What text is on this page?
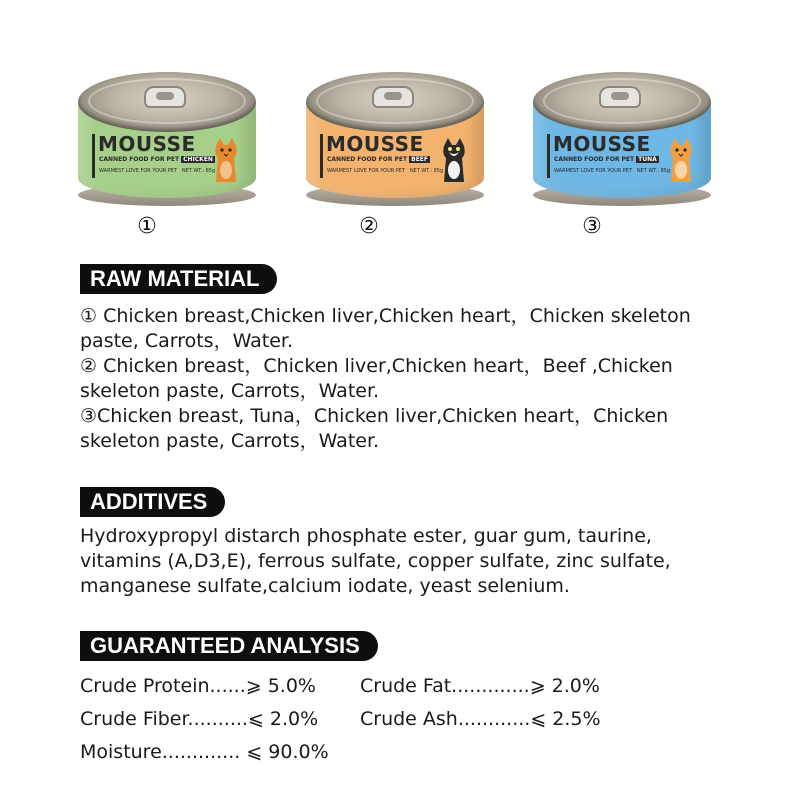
MOUSSE
CANNED FOOD FOR PET CHICKEN
WARMEST LOVE FOR YOUR PET NET WT.: 85g
①
MOUSSE
CANNED FOOD FOR PET BEEF
WARMEST LOVE FOR YOUR PET NET WT.: 85g
②
MOUSSE
CANNED FOOD FOR PET TUNA
WARMEST LOVE FOR YOUR PET NET WT.: 85g
③
RAW MATERIAL
① Chicken breast,Chicken liver,Chicken heart，Chicken skeleton
paste, Carrots，Water.
② Chicken breast，Chicken liver,Chicken heart，Beef ,Chicken
skeleton paste, Carrots，Water.
③Chicken breast, Tuna，Chicken liver,Chicken heart，Chicken
skeleton paste, Carrots，Water.
ADDITIVES
Hydroxypropyl distarch phosphate ester, guar gum, taurine,
vitamins (A,D3,E), ferrous sulfate, copper sulfate, zinc sulfate,
manganese sulfate,calcium iodate, yeast selenium.
GUARANTEED ANALYSIS
Crude Protein......⩾ 5.0% Crude Fat.............⩾ 2.0%
Crude Fiber..........⩽ 2.0% Crude Ash............⩽ 2.5%
Moisture............. ⩽ 90.0%
